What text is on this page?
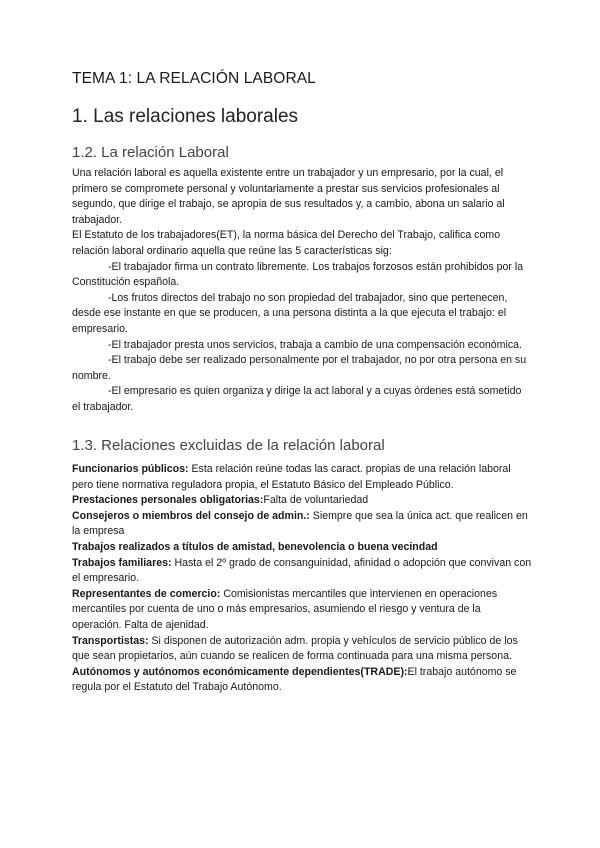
TEMA 1: LA RELACIÓN LABORAL
1. Las relaciones laborales
1.2. La relación Laboral

Una relación laboral es aquella existente entre un trabajador y un empresario, por la cual, el primero se compromete personal y voluntariamente a prestar sus servicios profesionales al segundo, que dirige el trabajo, se apropia de sus resultados y, a cambio, abona un salario al trabajador.

El Estatuto de los trabajadores(ET), la norma básica del Derecho del Trabajo, califica como relación laboral ordinario aquella que reúne las 5 características sig:

-El trabajador firma un contrato libremente. Los trabajos forzosos están prohibidos por la Constitución española.

-Los frutos directos del trabajo no son propiedad del trabajador, sino que pertenecen, desde ese instante en que se producen, a una persona distinta a la que ejecuta el trabajo: el empresario.

-El trabajador presta unos servicios, trabaja a cambio de una compensación económica.

-El trabajo debe ser realizado personalmente por el trabajador, no por otra persona en su nombre.

-El empresario es quien organiza y dirige la act laboral y a cuyas órdenes está sometido el trabajador.

1.3. Relaciones excluidas de la relación laboral

Funcionarios públicos: Esta relación reúne todas las caract. propias de una relación laboral pero tiene normativa reguladora propia, el Estatuto Básico del Empleado Público.

Prestaciones personales obligatorias:Falta de voluntariedad

Consejeros o miembros del consejo de admin.: Siempre que sea la única act. que realicen en la empresa

Trabajos realizados a títulos de amistad, benevolencia o buena vecindad

Trabajos familiares: Hasta el 2º grado de consanguinidad, afinidad o adopción que convivan con el empresario.

Representantes de comercio: Comisionistas mercantiles que intervienen en operaciones mercantiles por cuenta de uno o más empresarios, asumiendo el riesgo y ventura de la operación. Falta de ajenidad.

Transportistas: Si disponen de autorización adm. propia y vehículos de servicio público de los que sean propietarios, aún cuando se realicen de forma continuada para una misma persona.

Autónomos y autónomos económicamente dependientes(TRADE):El trabajo autónomo se regula por el Estatuto del Trabajo Autónomo.
